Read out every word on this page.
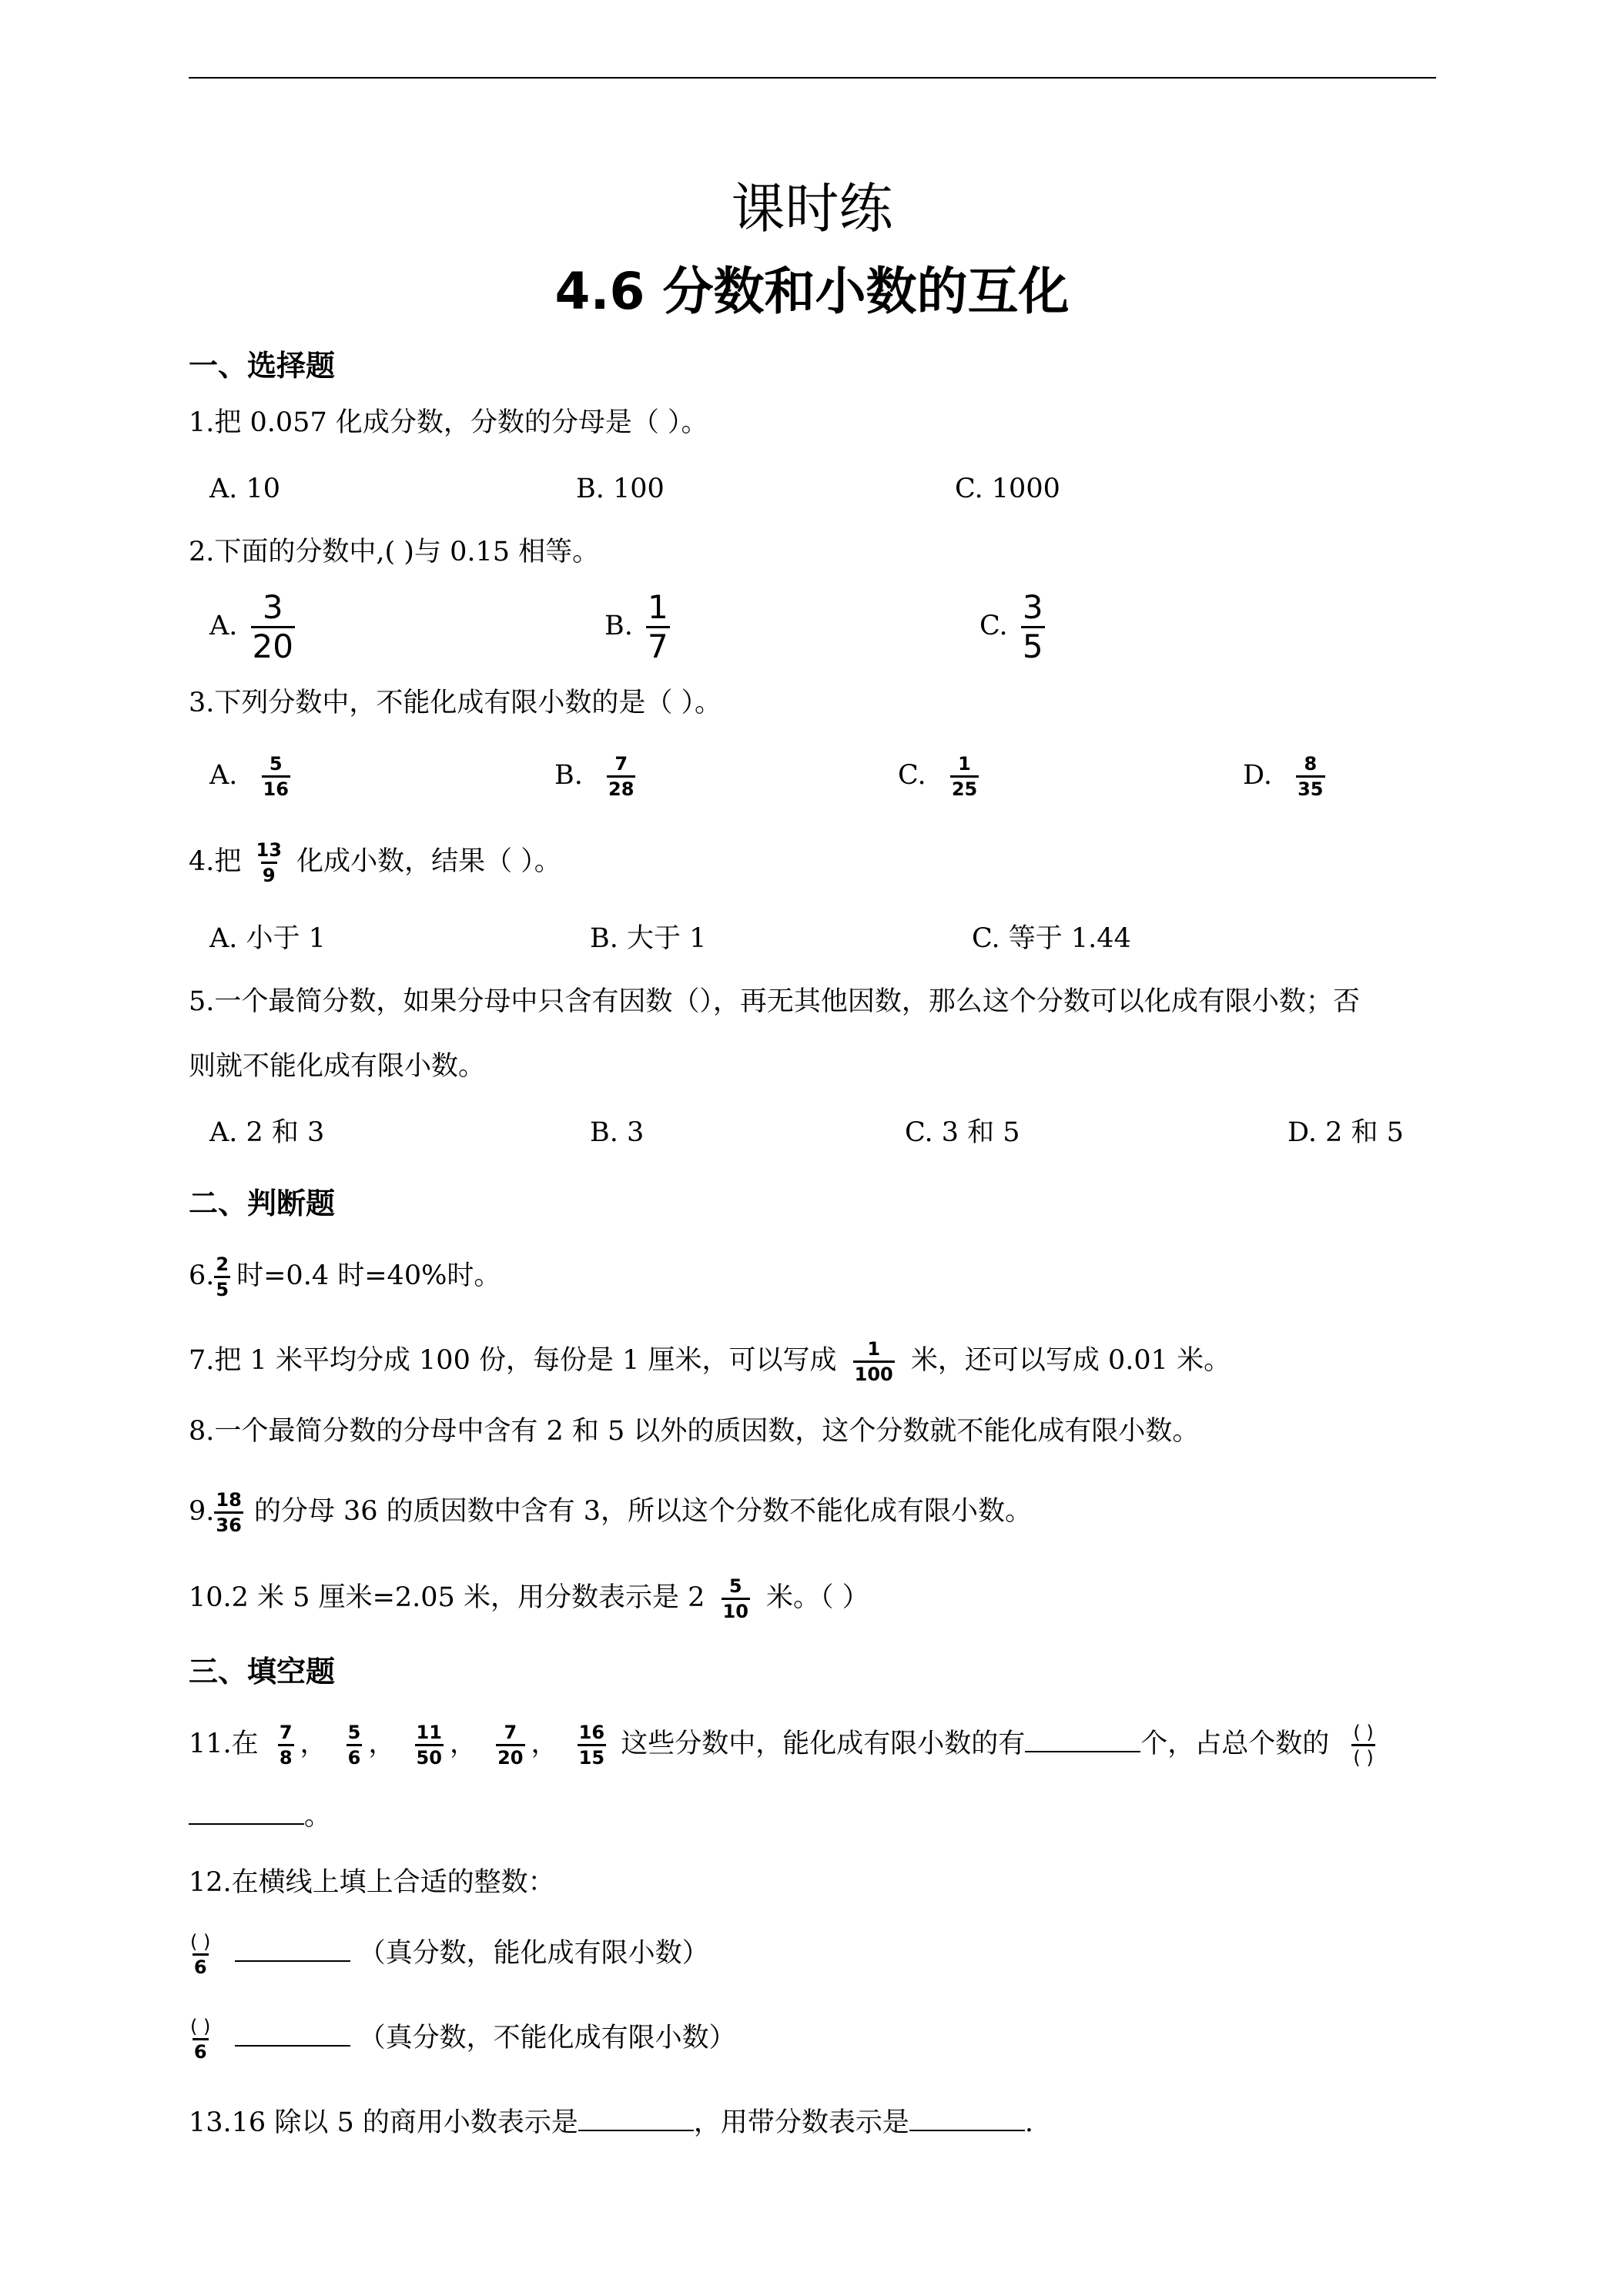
课时练
4.6 分数和小数的互化
一、选择题
1.把 0.057 化成分数，分数的分母是（ ）。
A. 10	B. 100	C. 1000
2.下面的分数中,( )与 0.15 相等。
A. $\frac{3}{20}$	B. $\frac{1}{7}$	C. $\frac{3}{5}$
3.下列分数中，不能化成有限小数的是（ ）。
A. $\frac{5}{16}$	B. $\frac{7}{28}$	C. $\frac{1}{25}$	D. $\frac{8}{35}$
4.把 $\frac{13}{9}$ 化成小数，结果（ ）。
A. 小于 1	B. 大于 1	C. 等于 1.44
5.一个最简分数，如果分母中只含有因数（），再无其他因数，那么这个分数可以化成有限小数；否
则就不能化成有限小数。
A. 2 和 3	B. 3	C. 3 和 5	D. 2 和 5
二、判断题
6. $\frac{2}{5}$ 时=0.4 时=40%时。
7.把 1 米平均分成 100 份，每份是 1 厘米，可以写成 $\frac{1}{100}$ 米，还可以写成 0.01 米。
8.一个最简分数的分母中含有 2 和 5 以外的质因数，这个分数就不能化成有限小数。
9. $\frac{18}{36}$ 的分母 36 的质因数中含有 3，所以这个分数不能化成有限小数。
10.2 米 5 厘米=2.05 米，用分数表示是 $2 \frac{5}{10}$ 米。（ ）
三、填空题
11.在 $\frac{7}{8}$ ， $\frac{5}{6}$ ， $\frac{11}{50}$ ， $\frac{7}{20}$ ， $\frac{16}{15}$ 这些分数中，能化成有限小数的有	个，占总个数的 $\frac{( )}{( )}$
。
12.在横线上填上合适的整数：
$\frac{( )}{6}$	（真分数，能化成有限小数）
$\frac{( )}{6}$	（真分数，不能化成有限小数）
13.16 除以 5 的商用小数表示是	，用带分数表示是	.
